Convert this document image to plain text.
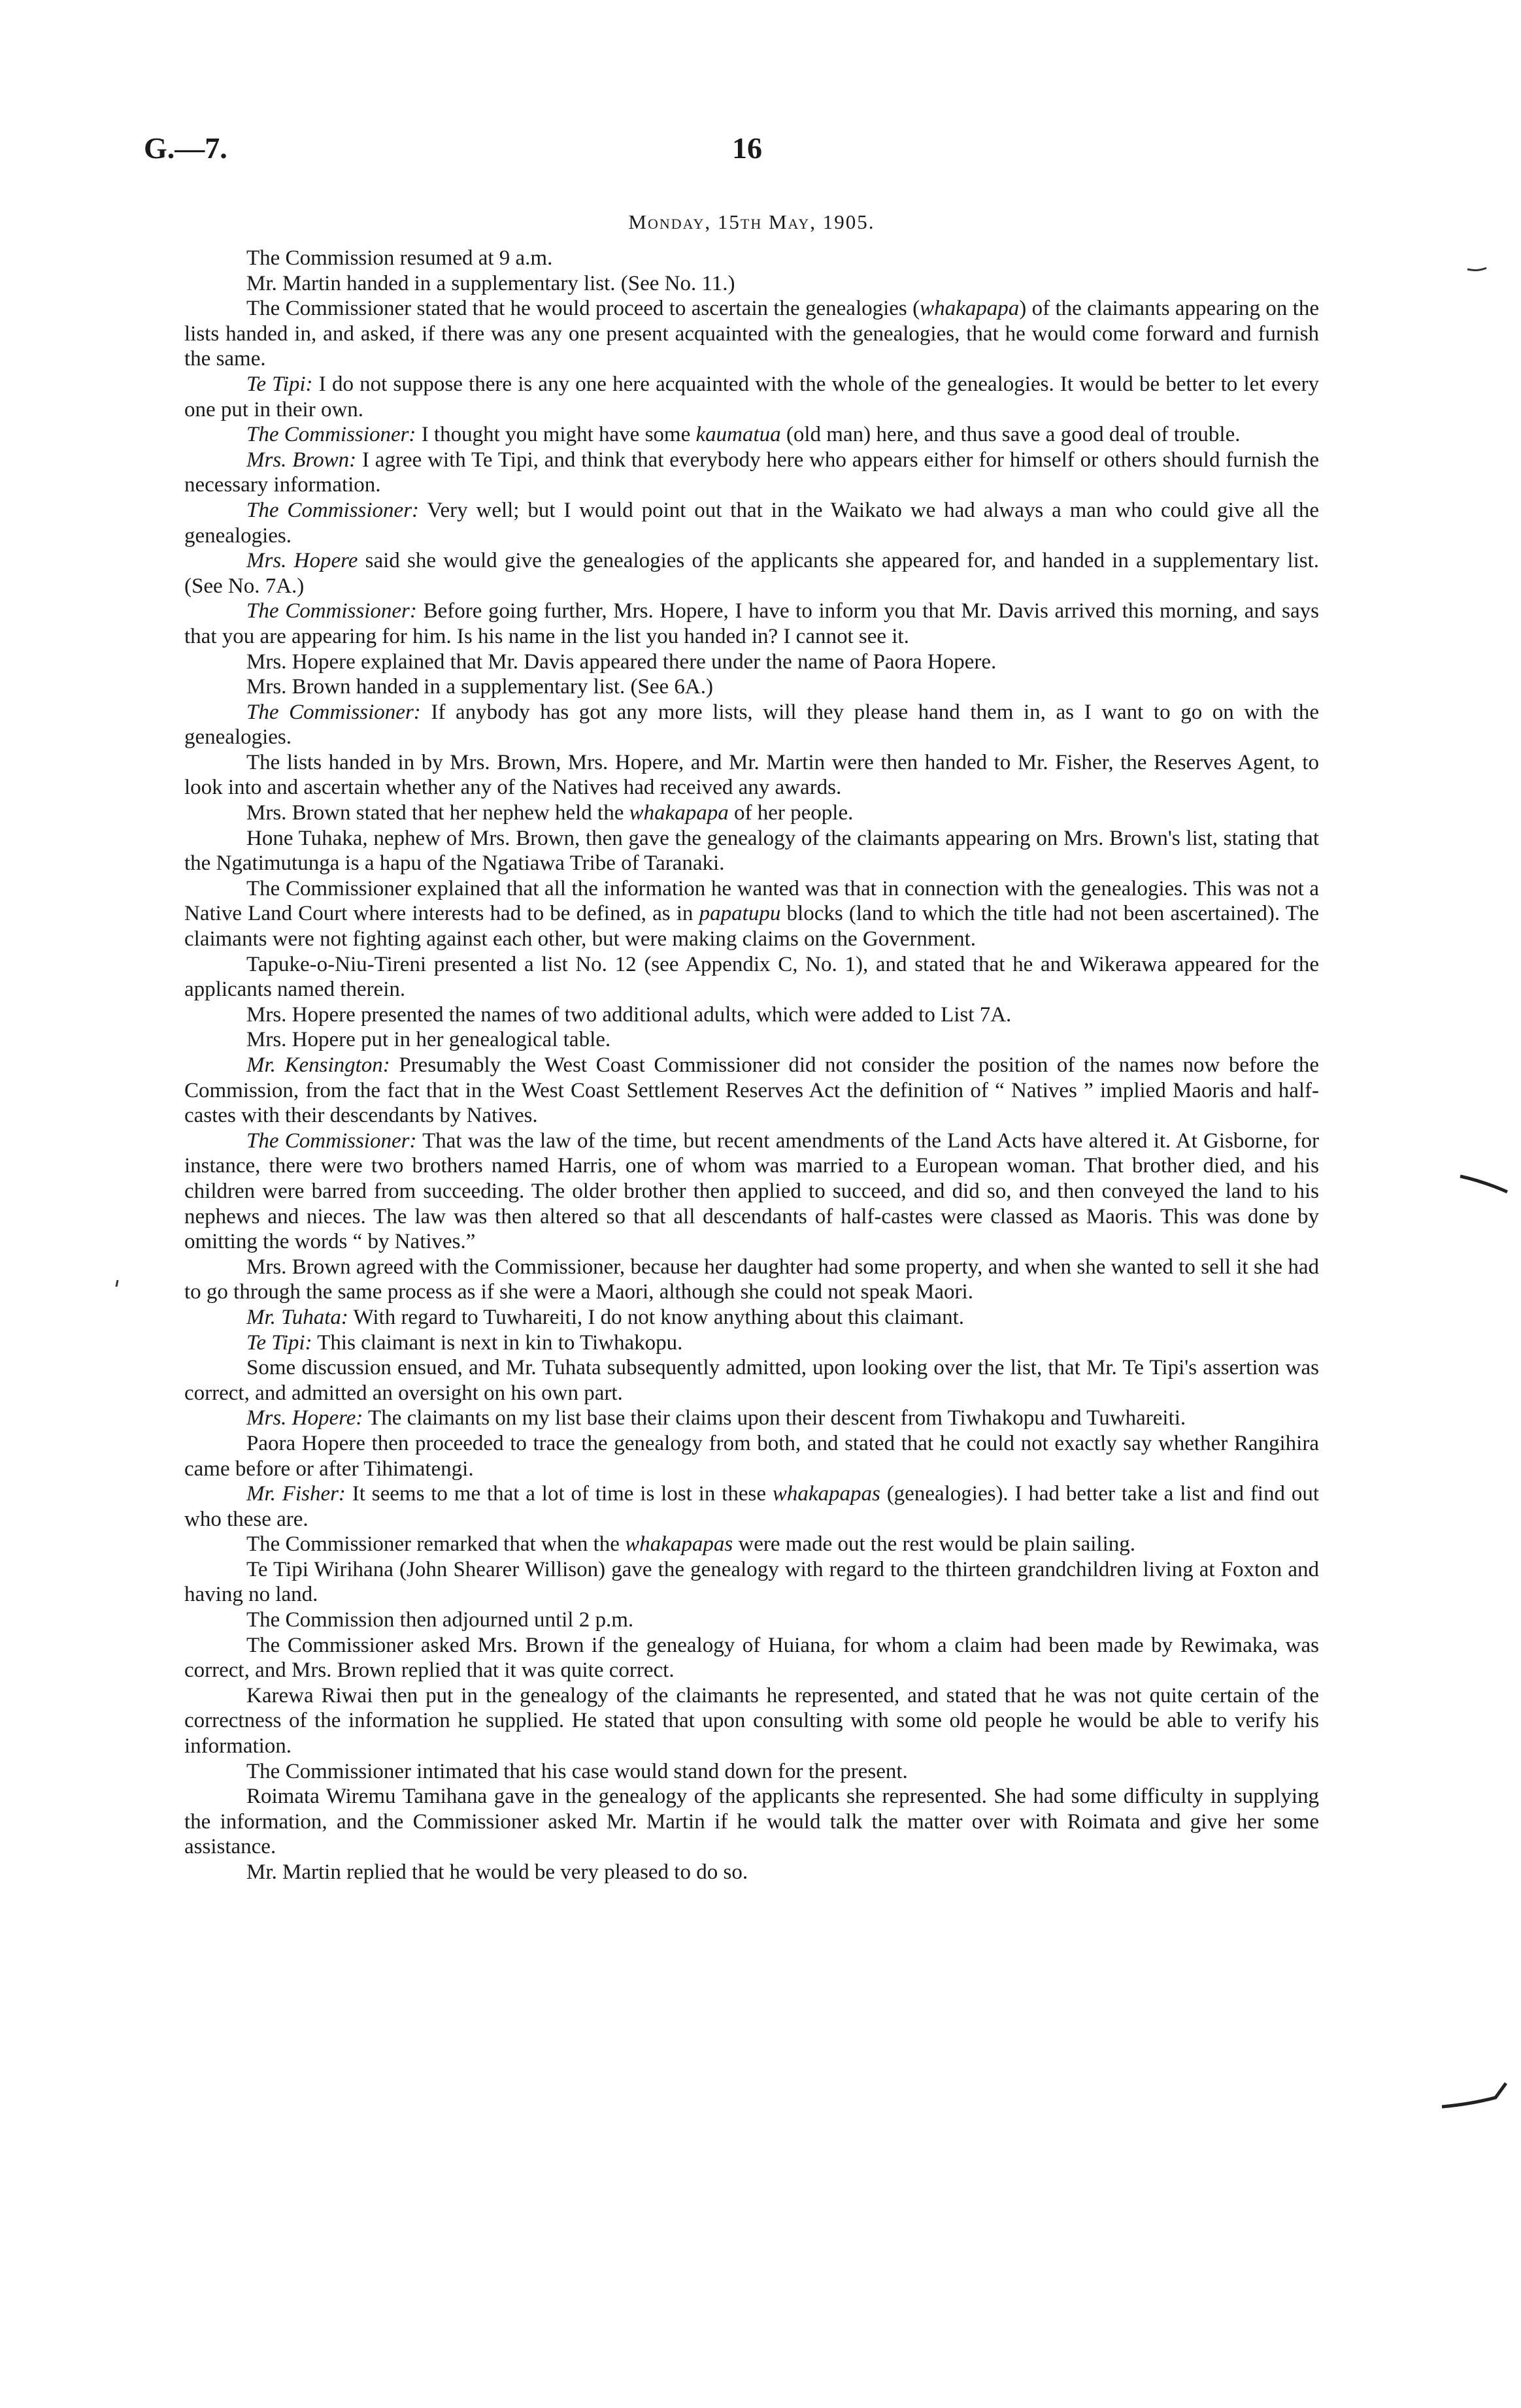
G.—7.	16
Monday, 15th May, 1905.

The Commission resumed at 9 a.m.

Mr. Martin handed in a supplementary list. (See No. 11.)

The Commissioner stated that he would proceed to ascertain the genealogies (whakapapa) of the claimants appearing on the lists handed in, and asked, if there was any one present acquainted with the genealogies, that he would come forward and furnish the same.

Te Tipi: I do not suppose there is any one here acquainted with the whole of the genealogies. It would be better to let every one put in their own.

The Commissioner: I thought you might have some kaumatua (old man) here, and thus save a good deal of trouble.

Mrs. Brown: I agree with Te Tipi, and think that everybody here who appears either for himself or others should furnish the necessary information.

The Commissioner: Very well; but I would point out that in the Waikato we had always a man who could give all the genealogies.

Mrs. Hopere said she would give the genealogies of the applicants she appeared for, and handed in a supplementary list. (See No. 7A.)

The Commissioner: Before going further, Mrs. Hopere, I have to inform you that Mr. Davis arrived this morning, and says that you are appearing for him. Is his name in the list you handed in? I cannot see it.

Mrs. Hopere explained that Mr. Davis appeared there under the name of Paora Hopere.

Mrs. Brown handed in a supplementary list. (See 6A.)

The Commissioner: If anybody has got any more lists, will they please hand them in, as I want to go on with the genealogies.

The lists handed in by Mrs. Brown, Mrs. Hopere, and Mr. Martin were then handed to Mr. Fisher, the Reserves Agent, to look into and ascertain whether any of the Natives had received any awards.

Mrs. Brown stated that her nephew held the whakapapa of her people.

Hone Tuhaka, nephew of Mrs. Brown, then gave the genealogy of the claimants appearing on Mrs. Brown's list, stating that the Ngatimutunga is a hapu of the Ngatiawa Tribe of Taranaki.

The Commissioner explained that all the information he wanted was that in connection with the genealogies. This was not a Native Land Court where interests had to be defined, as in papatupu blocks (land to which the title had not been ascertained). The claimants were not fighting against each other, but were making claims on the Government.

Tapuke-o-Niu-Tireni presented a list No. 12 (see Appendix C, No. 1), and stated that he and Wikerawa appeared for the applicants named therein.

Mrs. Hopere presented the names of two additional adults, which were added to List 7A.

Mrs. Hopere put in her genealogical table.

Mr. Kensington: Presumably the West Coast Commissioner did not consider the position of the names now before the Commission, from the fact that in the West Coast Settlement Reserves Act the definition of “ Natives ” implied Maoris and half-castes with their descendants by Natives.

The Commissioner: That was the law of the time, but recent amendments of the Land Acts have altered it. At Gisborne, for instance, there were two brothers named Harris, one of whom was married to a European woman. That brother died, and his children were barred from succeeding. The older brother then applied to succeed, and did so, and then conveyed the land to his nephews and nieces. The law was then altered so that all descendants of half-castes were classed as Maoris. This was done by omitting the words “ by Natives.”

Mrs. Brown agreed with the Commissioner, because her daughter had some property, and when she wanted to sell it she had to go through the same process as if she were a Maori, although she could not speak Maori.

Mr. Tuhata: With regard to Tuwhareiti, I do not know anything about this claimant.

Te Tipi: This claimant is next in kin to Tiwhakopu.

Some discussion ensued, and Mr. Tuhata subsequently admitted, upon looking over the list, that Mr. Te Tipi's assertion was correct, and admitted an oversight on his own part.

Mrs. Hopere: The claimants on my list base their claims upon their descent from Tiwhakopu and Tuwhareiti.

Paora Hopere then proceeded to trace the genealogy from both, and stated that he could not exactly say whether Rangihira came before or after Tihimatengi.

Mr. Fisher: It seems to me that a lot of time is lost in these whakapapas (genealogies). I had better take a list and find out who these are.

The Commissioner remarked that when the whakapapas were made out the rest would be plain sailing.

Te Tipi Wirihana (John Shearer Willison) gave the genealogy with regard to the thirteen grandchildren living at Foxton and having no land.

The Commission then adjourned until 2 p.m.

The Commissioner asked Mrs. Brown if the genealogy of Huiana, for whom a claim had been made by Rewimaka, was correct, and Mrs. Brown replied that it was quite correct.

Karewa Riwai then put in the genealogy of the claimants he represented, and stated that he was not quite certain of the correctness of the information he supplied. He stated that upon consulting with some old people he would be able to verify his information.

The Commissioner intimated that his case would stand down for the present.

Roimata Wiremu Tamihana gave in the genealogy of the applicants she represented. She had some difficulty in supplying the information, and the Commissioner asked Mr. Martin if he would talk the matter over with Roimata and give her some assistance.

Mr. Martin replied that he would be very pleased to do so.
